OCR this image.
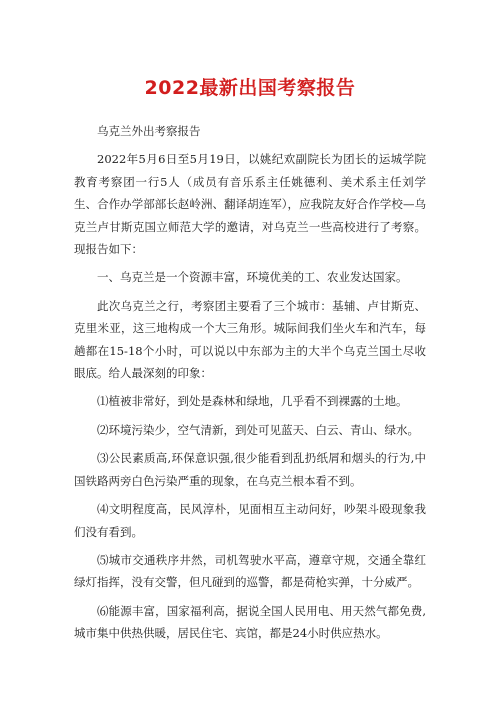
2022最新出国考察报告

乌克兰外出考察报告

2022年5月6日至5月19日，以姚纪欢副院长为团长的运城学院教育考察团一行5人（成员有音乐系主任姚德利、美术系主任刘学生、合作办学部部长赵岭洲、翻译胡连军），应我院友好合作学校—乌克兰卢甘斯克国立师范大学的邀请，对乌克兰一些高校进行了考察。现报告如下：

一、乌克兰是一个资源丰富，环境优美的工、农业发达国家。

此次乌克兰之行，考察团主要看了三个城市：基辅、卢甘斯克、克里米亚，这三地构成一个大三角形。城际间我们坐火车和汽车，每趟都在15-18个小时，可以说以中东部为主的大半个乌克兰国土尽收眼底。给人最深刻的印象：

⑴植被非常好，到处是森林和绿地，几乎看不到裸露的土地。

⑵环境污染少，空气清新，到处可见蓝天、白云、青山、绿水。

⑶公民素质高,环保意识强,很少能看到乱扔纸屑和烟头的行为,中国铁路两旁白色污染严重的现象，在乌克兰根本看不到。

⑷文明程度高，民风淳朴，见面相互主动问好，吵架斗殴现象我们没有看到。

⑸城市交通秩序井然，司机驾驶水平高，遵章守规，交通全靠红绿灯指挥，没有交警，但凡碰到的巡警，都是荷枪实弹，十分威严。

⑹能源丰富，国家福利高，据说全国人民用电、用天然气都免费,城市集中供热供暖，居民住宅、宾馆，都是24小时供应热水。
